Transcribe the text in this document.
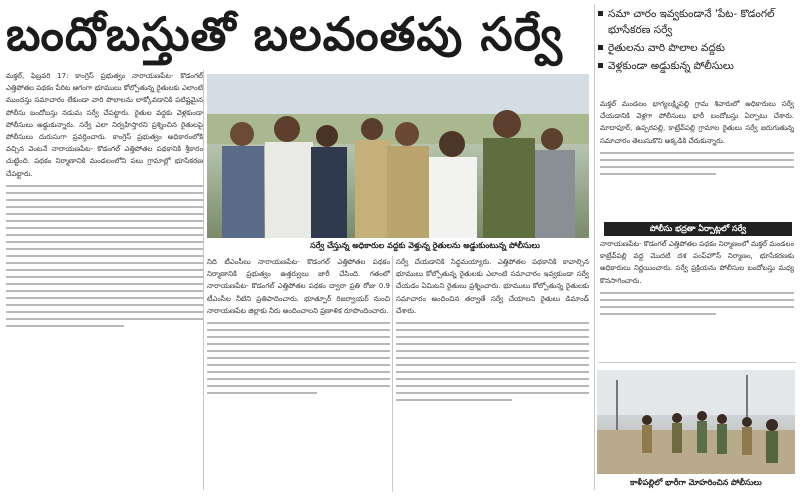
బందోబస్తుతో బలవంతపు సర్వే	సమా చారం ఇవ్వకుండానే 'పేట- కొడంగల్ భూసేకరణ సర్వే
రైతులను వారి పొలాల వద్దకు
వెళ్లకుండా అడ్డుకున్న పోలీసులు
మక్తల్, ఫిబ్రవరి 17: కాంగ్రెస్ ప్రభుత్వం నారాయణపేట- కొడంగల్ ఎత్తిపోతల పథకం పేరిట ఆగంగా భూములు కోల్పోతున్న రైతులకు ఎలాంటి ముందస్తు సమాచారం లేకుండా వారి పొలాలను లాక్కోవడానికి పటిష్టమైన పోలీసు బందోబస్తు నడుమ సర్వే చేపట్టారు. రైతుల వద్దకు వెళ్లకుండా పోలీసులు అడ్డుకున్నారు. సర్వే ఎలా నిర్వహిస్తారని ప్రశ్నించిన రైతులపై పోలీసులు దురుసుగా ప్రవర్తించారు. కాంగ్రెస్ ప్రభుత్వం అధికారంలోకి వచ్చిన వెంటనే నారాయణపేట- కొడంగల్ ఎత్తిపోతల పథకానికి శ్రీకారం చుట్టింది. పథకం నిర్మాణానికి మండలంలోని పలు గ్రామాల్లో భూసేకరణ చేపట్టారు.
సర్వే చేస్తున్న అధికారుల వద్దకు వెళ్తున్న రైతులను అడ్డుకుంటున్న పోలీసులు
నిది టీఎంసీలు నారాయణపేట- కొడంగల్ ఎత్తిపోతల పథకం నిర్మాణానికి ప్రభుత్వం ఉత్తర్వులు జారీ చేసింది. గతంలో నారాయణపేట- కొడంగల్ ఎత్తిపోతల పథకం ద్వారా ప్రతి రోజు 0.9 టీఎంసీల నీటిని ప్రతిపాదించారు. భూత్పూర్ రిజర్వాయర్ నుంచి నారాయణపేట జిల్లాకు నీరు అందించాలని ప్రణాళిక రూపొందించారు.
సర్వే చేయడానికి సిద్ధమయ్యారు. ఎత్తిపోతల పథకానికి కావాల్సిన భూములు కోల్పోతున్న రైతులకు ఎలాంటి సమాచారం ఇవ్వకుండా సర్వే చేయడం ఏమిటని రైతులు ప్రశ్నించారు. భూములు కోల్పోతున్న రైతులకు సమాచారం అందించిన తర్వాతే సర్వే చేయాలని రైతులు డిమాండ్ చేశారు.
మక్తల్ మండలం భాగ్యలక్ష్మిపల్లి గ్రామ శివారులో అధికారులు సర్వే చేయడానికి వెళ్లగా పోలీసులు భారీ బందోబస్తు ఏర్పాటు చేశారు. మాదాపూర్, ఉప్పరపల్లి, కాట్రేవ్‌పల్లి గ్రామాల రైతులు సర్వే జరుగుతున్న సమాచారం తెలుసుకొని అక్కడికి చేరుకున్నారు.
పోలీసు భద్రతా ఏర్పాట్లలో సర్వే
నారాయణపేట- కొడంగల్ ఎత్తిపోతల పథకం నిర్మాణంలో మక్తల్ మండలం కాట్రేవ్‌పల్లి వద్ద మొదటి దశ పంప్‌హౌస్ నిర్మాణం, భూసేకరణకు అధికారులు నిర్ణయించారు. సర్వే ప్రక్రియను పోలీసుల బందోబస్తు మధ్య కొనసాగించారు.
కాళీపల్లిలో భారీగా మోహరించిన పోలీసులు
